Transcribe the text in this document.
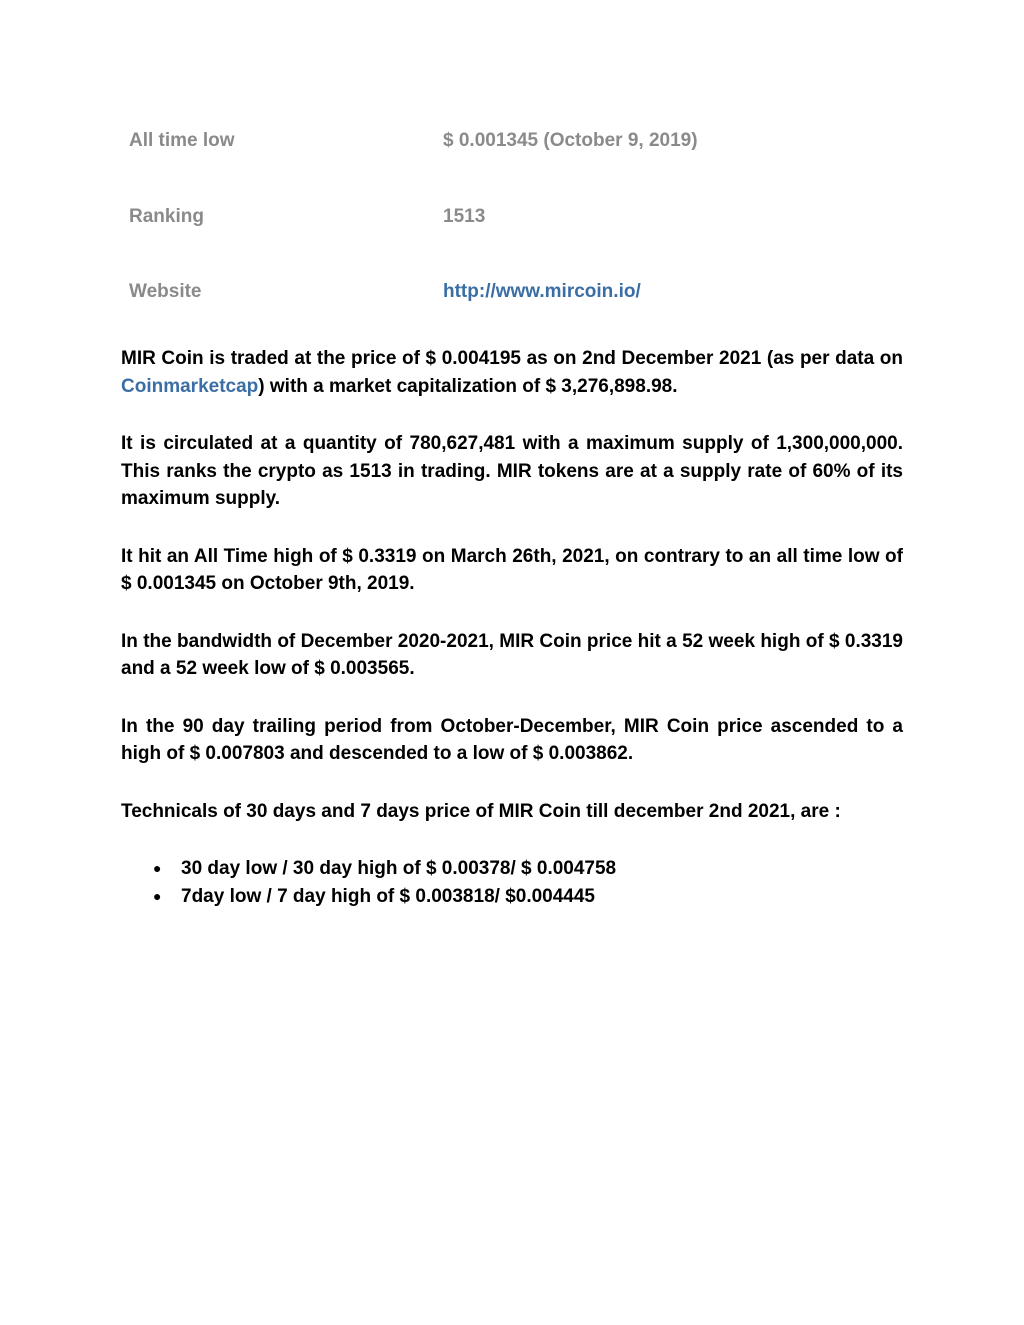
All time low	$ 0.001345 (October 9, 2019)
Ranking	1513
Website	http://www.mircoin.io/

MIR Coin is traded at the price of $ 0.004195 as on 2nd December 2021 (as per data on Coinmarketcap) with a market capitalization of $ 3,276,898.98.

It is circulated at a quantity of 780,627,481 with a maximum supply of 1,300,000,000. This ranks the crypto as 1513 in trading. MIR tokens are at a supply rate of 60% of its maximum supply.

It hit an All Time high of $ 0.3319 on March 26th, 2021, on contrary to an all time low of $ 0.001345 on October 9th, 2019.

In the bandwidth of December 2020-2021, MIR Coin price hit a 52 week high of $ 0.3319 and a 52 week low of $ 0.003565.

In the 90 day trailing period from October-December, MIR Coin price ascended to a high of $ 0.007803 and descended to a low of $ 0.003862.

Technicals of 30 days and 7 days price of MIR Coin till december 2nd 2021, are :

●	30 day low / 30 day high of $ 0.00378/ $ 0.004758
●	7day low / 7 day high of $ 0.003818/ $0.004445
